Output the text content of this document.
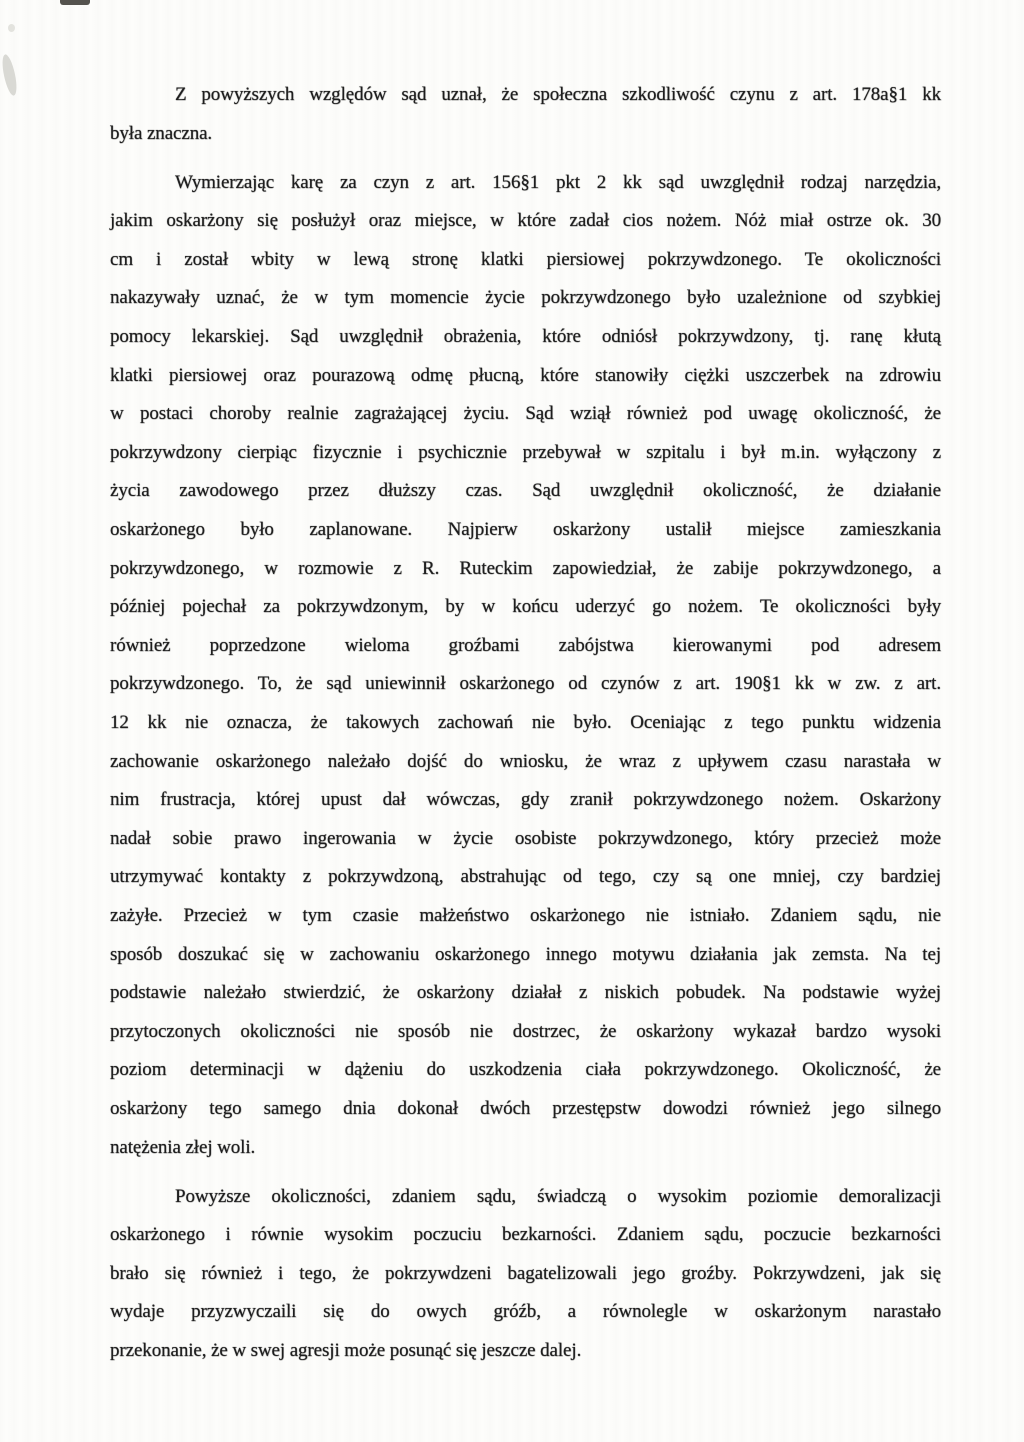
Z powyższych względów sąd uznał, że społeczna szkodliwość czynu z art. 178a§1 kk
była znaczna.
Wymierzając karę za czyn z art. 156§1 pkt 2 kk sąd uwzględnił rodzaj narzędzia,
jakim oskarżony się posłużył oraz miejsce, w które zadał cios nożem. Nóż miał ostrze ok. 30
cm i został wbity w lewą stronę klatki piersiowej pokrzywdzonego. Te okoliczności
nakazywały uznać, że w tym momencie życie pokrzywdzonego było uzależnione od szybkiej
pomocy lekarskiej. Sąd uwzględnił obrażenia, które odniósł pokrzywdzony, tj. ranę kłutą
klatki piersiowej oraz pourazową odmę płucną, które stanowiły ciężki uszczerbek na zdrowiu
w postaci choroby realnie zagrażającej życiu. Sąd wziął również pod uwagę okoliczność, że
pokrzywdzony cierpiąc fizycznie i psychicznie przebywał w szpitalu i był m.in. wyłączony z
życia zawodowego przez dłuższy czas. Sąd uwzględnił okoliczność, że działanie
oskarżonego było zaplanowane. Najpierw oskarżony ustalił miejsce zamieszkania
pokrzywdzonego, w rozmowie z R. Ruteckim zapowiedział, że zabije pokrzywdzonego, a
później pojechał za pokrzywdzonym, by w końcu uderzyć go nożem. Te okoliczności były
również poprzedzone wieloma groźbami zabójstwa kierowanymi pod adresem
pokrzywdzonego. To, że sąd uniewinnił oskarżonego od czynów z art. 190§1 kk w zw. z art.
12 kk nie oznacza, że takowych zachowań nie było. Oceniając z tego punktu widzenia
zachowanie oskarżonego należało dojść do wniosku, że wraz z upływem czasu narastała w
nim frustracja, której upust dał wówczas, gdy zranił pokrzywdzonego nożem. Oskarżony
nadał sobie prawo ingerowania w życie osobiste pokrzywdzonego, który przecież może
utrzymywać kontakty z pokrzywdzoną, abstrahując od tego, czy są one mniej, czy bardziej
zażyłe. Przecież w tym czasie małżeństwo oskarżonego nie istniało. Zdaniem sądu, nie
sposób doszukać się w zachowaniu oskarżonego innego motywu działania jak zemsta. Na tej
podstawie należało stwierdzić, że oskarżony działał z niskich pobudek. Na podstawie wyżej
przytoczonych okoliczności nie sposób nie dostrzec, że oskarżony wykazał bardzo wysoki
poziom determinacji w dążeniu do uszkodzenia ciała pokrzywdzonego. Okoliczność, że
oskarżony tego samego dnia dokonał dwóch przestępstw dowodzi również jego silnego
natężenia złej woli.
Powyższe okoliczności, zdaniem sądu, świadczą o wysokim poziomie demoralizacji
oskarżonego i równie wysokim poczuciu bezkarności. Zdaniem sądu, poczucie bezkarności
brało się również i tego, że pokrzywdzeni bagatelizowali jego groźby. Pokrzywdzeni, jak się
wydaje przyzwyczaili się do owych gróźb, a równolegle w oskarżonym narastało
przekonanie, że w swej agresji może posunąć się jeszcze dalej.
